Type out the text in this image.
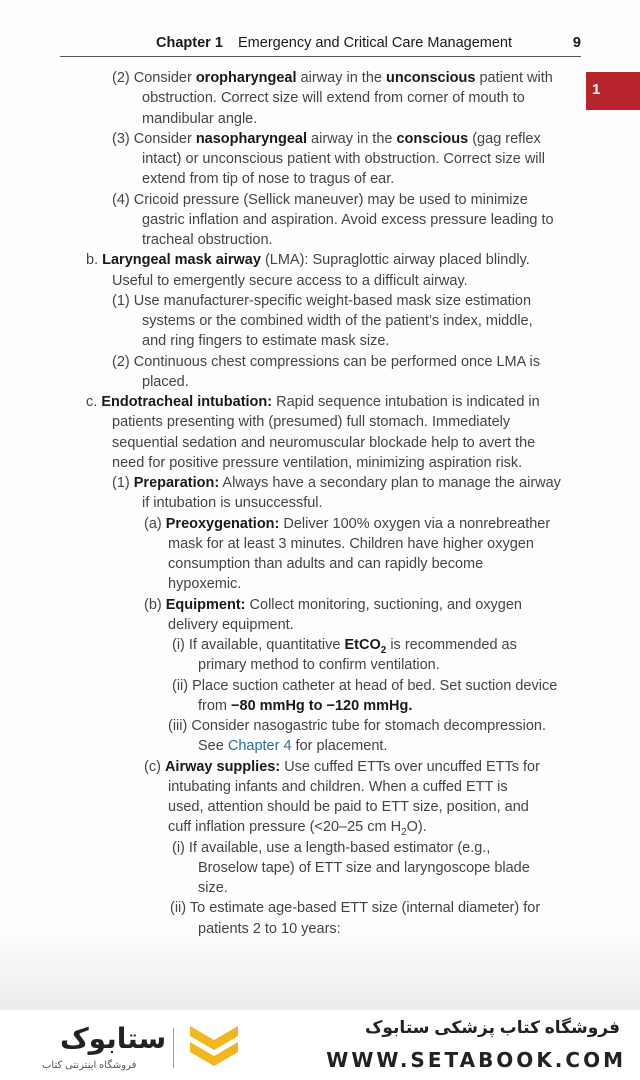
Chapter 1 Emergency and Critical Care Management	9
1
(2) Consider oropharyngeal airway in the unconscious patient with
obstruction. Correct size will extend from corner of mouth to
mandibular angle.
(3) Consider nasopharyngeal airway in the conscious (gag reflex
intact) or unconscious patient with obstruction. Correct size will
extend from tip of nose to tragus of ear.
(4) Cricoid pressure (Sellick maneuver) may be used to minimize
gastric inflation and aspiration. Avoid excess pressure leading to
tracheal obstruction.
b. Laryngeal mask airway (LMA): Supraglottic airway placed blindly.
Useful to emergently secure access to a difficult airway.
(1) Use manufacturer-specific weight-based mask size estimation
systems or the combined width of the patient’s index, middle,
and ring fingers to estimate mask size.
(2) Continuous chest compressions can be performed once LMA is
placed.
c. Endotracheal intubation: Rapid sequence intubation is indicated in
patients presenting with (presumed) full stomach. Immediately
sequential sedation and neuromuscular blockade help to avert the
need for positive pressure ventilation, minimizing aspiration risk.
(1) Preparation: Always have a secondary plan to manage the airway
if intubation is unsuccessful.
(a) Preoxygenation: Deliver 100% oxygen via a nonrebreather
mask for at least 3 minutes. Children have higher oxygen
consumption than adults and can rapidly become
hypoxemic.
(b) Equipment: Collect monitoring, suctioning, and oxygen
delivery equipment.
(i) If available, quantitative EtCO$_2$ is recommended as
primary method to confirm ventilation.
(ii) Place suction catheter at head of bed. Set suction device
from −80 mmHg to −120 mmHg.
(iii) Consider nasogastric tube for stomach decompression.
See Chapter 4 for placement.
(c) Airway supplies: Use cuffed ETTs over uncuffed ETTs for
intubating infants and children. When a cuffed ETT is
used, attention should be paid to ETT size, position, and
cuff inflation pressure (<20–25 cm $H_2O$).
(i) If available, use a length-based estimator (e.g.,
Broselow tape) of ETT size and laryngoscope blade
size.
(ii) To estimate age-based ETT size (internal diameter) for
patients 2 to 10 years:
ستابوک
فروشگاه اینترنتی کتاب
فروشگاه کتاب پزشکی ستابوک
WWW.SETABOOK.COM
